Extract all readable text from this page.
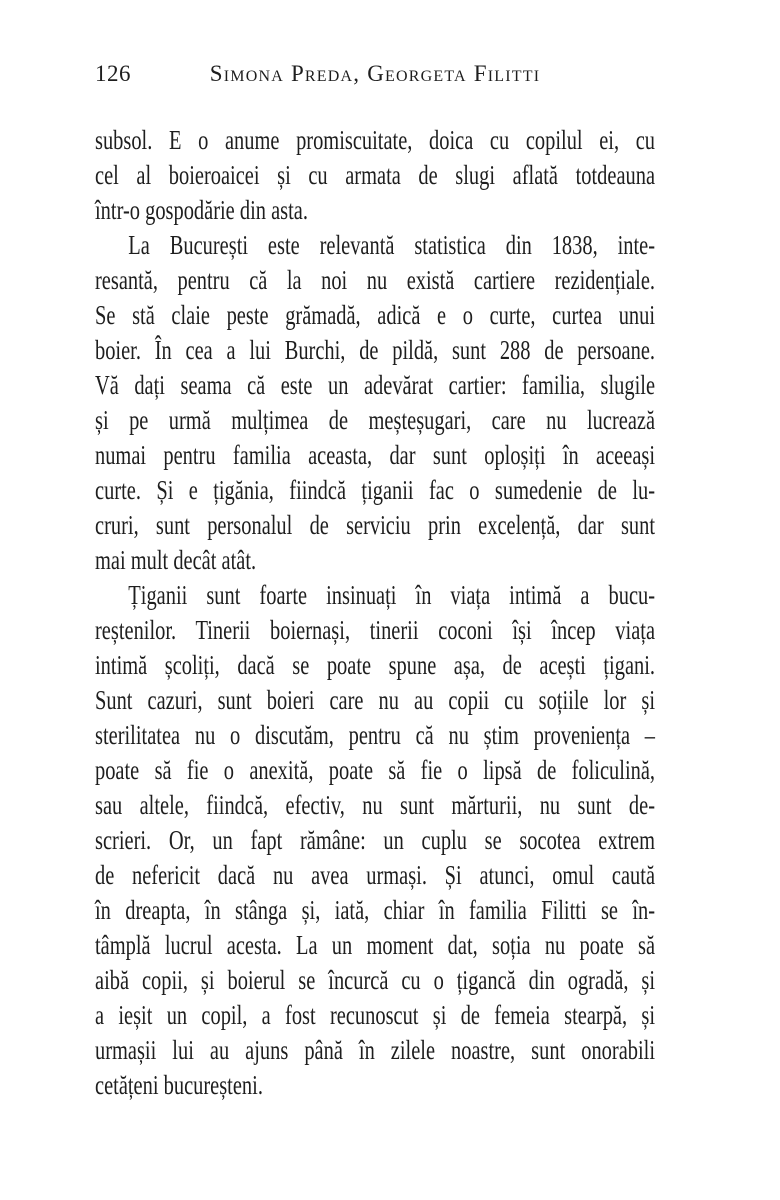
126	Simona Preda, Georgeta Filitti

subsol. E o anume promiscuitate, doica cu copilul ei, cu
cel al boieroaicei și cu armata de slugi aflată totdeauna
într-o gospodărie din asta.

La București este relevantă statistica din 1838, inte-
resantă, pentru că la noi nu există cartiere rezidențiale.
Se stă claie peste grămadă, adică e o curte, curtea unui
boier. În cea a lui Burchi, de pildă, sunt 288 de persoane.
Vă dați seama că este un adevărat cartier: familia, slugile
și pe urmă mulțimea de meșteșugari, care nu lucrează
numai pentru familia aceasta, dar sunt oploșiți în aceeași
curte. Și e țigănia, fiindcă țiganii fac o sumedenie de lu-
cruri, sunt personalul de serviciu prin excelență, dar sunt
mai mult decât atât.

Țiganii sunt foarte insinuați în viața intimă a bucu-
reștenilor. Tinerii boiernași, tinerii coconi își încep viața
intimă școliți, dacă se poate spune așa, de acești țigani.
Sunt cazuri, sunt boieri care nu au copii cu soțiile lor și
sterilitatea nu o discutăm, pentru că nu știm proveniența –
poate să fie o anexită, poate să fie o lipsă de foliculină,
sau altele, fiindcă, efectiv, nu sunt mărturii, nu sunt de-
scrieri. Or, un fapt rămâne: un cuplu se socotea extrem
de nefericit dacă nu avea urmași. Și atunci, omul caută
în dreapta, în stânga și, iată, chiar în familia Filitti se în-
tâmplă lucrul acesta. La un moment dat, soția nu poate să
aibă copii, și boierul se încurcă cu o țigancă din ogradă, și
a ieșit un copil, a fost recunoscut și de femeia stearpă, și
urmașii lui au ajuns până în zilele noastre, sunt onorabili
cetățeni bucureșteni.
